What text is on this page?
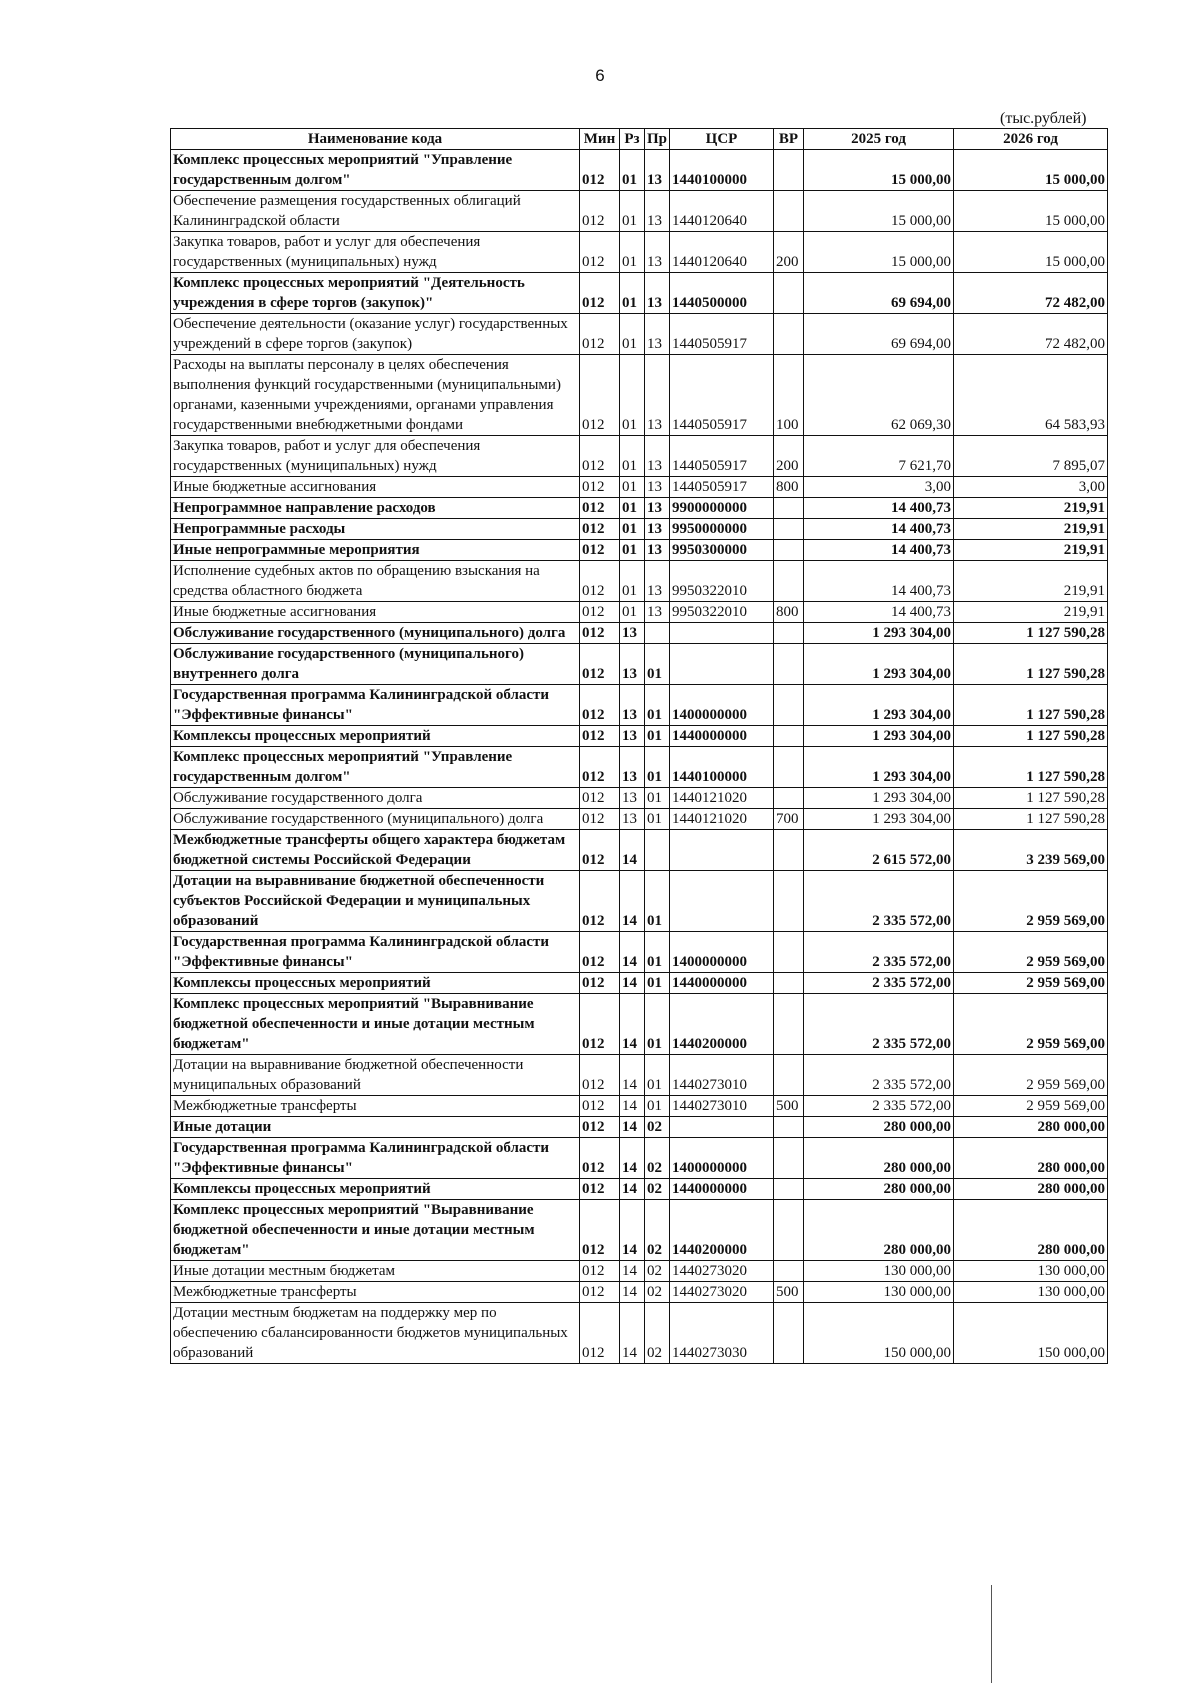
6
(тыс.рублей)
Наименование кода	Мин	Рз	Пр	ЦСР	ВР	2025 год	2026 год
Комплекс процессных мероприятий "Управление государственным долгом"	012	01	13	1440100000		15 000,00	15 000,00
Обеспечение размещения государственных облигаций Калининградской области	012	01	13	1440120640		15 000,00	15 000,00
Закупка товаров, работ и услуг для обеспечения государственных (муниципальных) нужд	012	01	13	1440120640	200	15 000,00	15 000,00
Комплекс процессных мероприятий "Деятельность учреждения в сфере торгов (закупок)"	012	01	13	1440500000		69 694,00	72 482,00
Обеспечение деятельности (оказание услуг) государственных учреждений в сфере торгов (закупок)	012	01	13	1440505917		69 694,00	72 482,00
Расходы на выплаты персоналу в целях обеспечения выполнения функций государственными (муниципальными) органами, казенными учреждениями, органами управления государственными внебюджетными фондами	012	01	13	1440505917	100	62 069,30	64 583,93
Закупка товаров, работ и услуг для обеспечения государственных (муниципальных) нужд	012	01	13	1440505917	200	7 621,70	7 895,07
Иные бюджетные ассигнования	012	01	13	1440505917	800	3,00	3,00
Непрограммное направление расходов	012	01	13	9900000000		14 400,73	219,91
Непрограммные расходы	012	01	13	9950000000		14 400,73	219,91
Иные непрограммные мероприятия	012	01	13	9950300000		14 400,73	219,91
Исполнение судебных актов по обращению взыскания на средства областного бюджета	012	01	13	9950322010		14 400,73	219,91
Иные бюджетные ассигнования	012	01	13	9950322010	800	14 400,73	219,91
Обслуживание государственного (муниципального) долга	012	13				1 293 304,00	1 127 590,28
Обслуживание государственного (муниципального) внутреннего долга	012	13	01			1 293 304,00	1 127 590,28
Государственная программа Калининградской области "Эффективные финансы"	012	13	01	1400000000		1 293 304,00	1 127 590,28
Комплексы процессных мероприятий	012	13	01	1440000000		1 293 304,00	1 127 590,28
Комплекс процессных мероприятий "Управление государственным долгом"	012	13	01	1440100000		1 293 304,00	1 127 590,28
Обслуживание государственного долга	012	13	01	1440121020		1 293 304,00	1 127 590,28
Обслуживание государственного (муниципального) долга	012	13	01	1440121020	700	1 293 304,00	1 127 590,28
Межбюджетные трансферты общего характера бюджетам бюджетной системы Российской Федерации	012	14				2 615 572,00	3 239 569,00
Дотации на выравнивание бюджетной обеспеченности субъектов Российской Федерации и муниципальных образований	012	14	01			2 335 572,00	2 959 569,00
Государственная программа Калининградской области "Эффективные финансы"	012	14	01	1400000000		2 335 572,00	2 959 569,00
Комплексы процессных мероприятий	012	14	01	1440000000		2 335 572,00	2 959 569,00
Комплекс процессных мероприятий "Выравнивание бюджетной обеспеченности и иные дотации местным бюджетам"	012	14	01	1440200000		2 335 572,00	2 959 569,00
Дотации на выравнивание бюджетной обеспеченности муниципальных образований	012	14	01	1440273010		2 335 572,00	2 959 569,00
Межбюджетные трансферты	012	14	01	1440273010	500	2 335 572,00	2 959 569,00
Иные дотации	012	14	02			280 000,00	280 000,00
Государственная программа Калининградской области "Эффективные финансы"	012	14	02	1400000000		280 000,00	280 000,00
Комплексы процессных мероприятий	012	14	02	1440000000		280 000,00	280 000,00
Комплекс процессных мероприятий "Выравнивание бюджетной обеспеченности и иные дотации местным бюджетам"	012	14	02	1440200000		280 000,00	280 000,00
Иные дотации местным бюджетам	012	14	02	1440273020		130 000,00	130 000,00
Межбюджетные трансферты	012	14	02	1440273020	500	130 000,00	130 000,00
Дотации местным бюджетам на поддержку мер по обеспечению сбалансированности бюджетов муниципальных образований	012	14	02	1440273030		150 000,00	150 000,00
